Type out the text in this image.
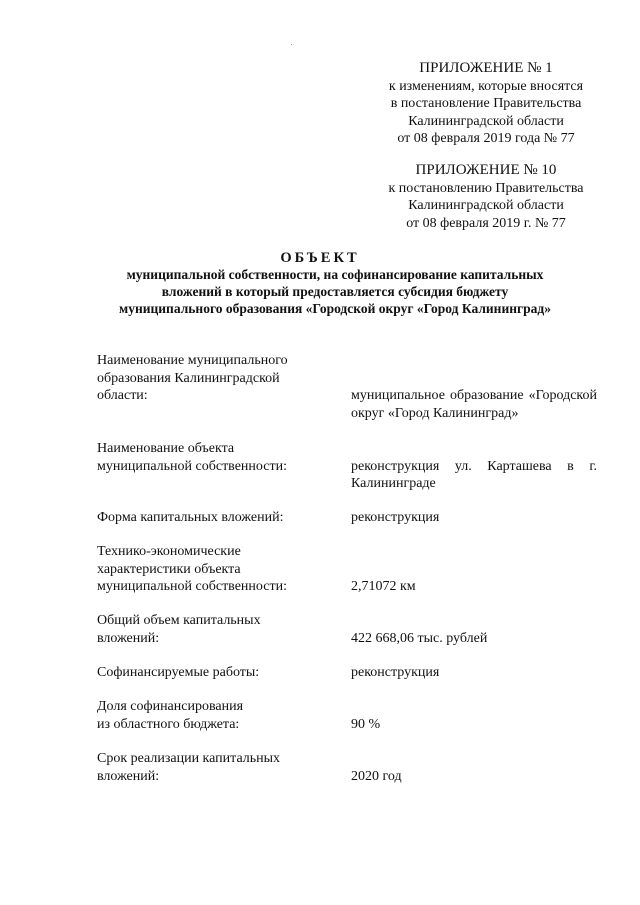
ПРИЛОЖЕНИЕ № 1
к изменениям, которые вносятся
в постановление Правительства
Калининградской области
от 08 февраля 2019 года № 77
ПРИЛОЖЕНИЕ № 10
к постановлению Правительства
Калининградской области
от 08 февраля 2019 г. № 77
ОБЪЕКТ
муниципальной собственности, на софинансирование капитальных
вложений в который предоставляется субсидия бюджету
муниципального образования «Городской округ «Город Калининград»
Наименование муниципального
образования Калининградской
области:	муниципальное образование «Городской округ «Город Калининград»
Наименование объекта
муниципальной собственности:	реконструкция ул. Карташева в г. Калининграде
Форма капитальных вложений:	реконструкция
Технико-экономические
характеристики объекта
муниципальной собственности:	2,71072 км
Общий объем капитальных
вложений:	422 668,06 тыс. рублей
Софинансируемые работы:	реконструкция
Доля софинансирования
из областного бюджета:	90 %
Срок реализации капитальных
вложений:	2020 год
